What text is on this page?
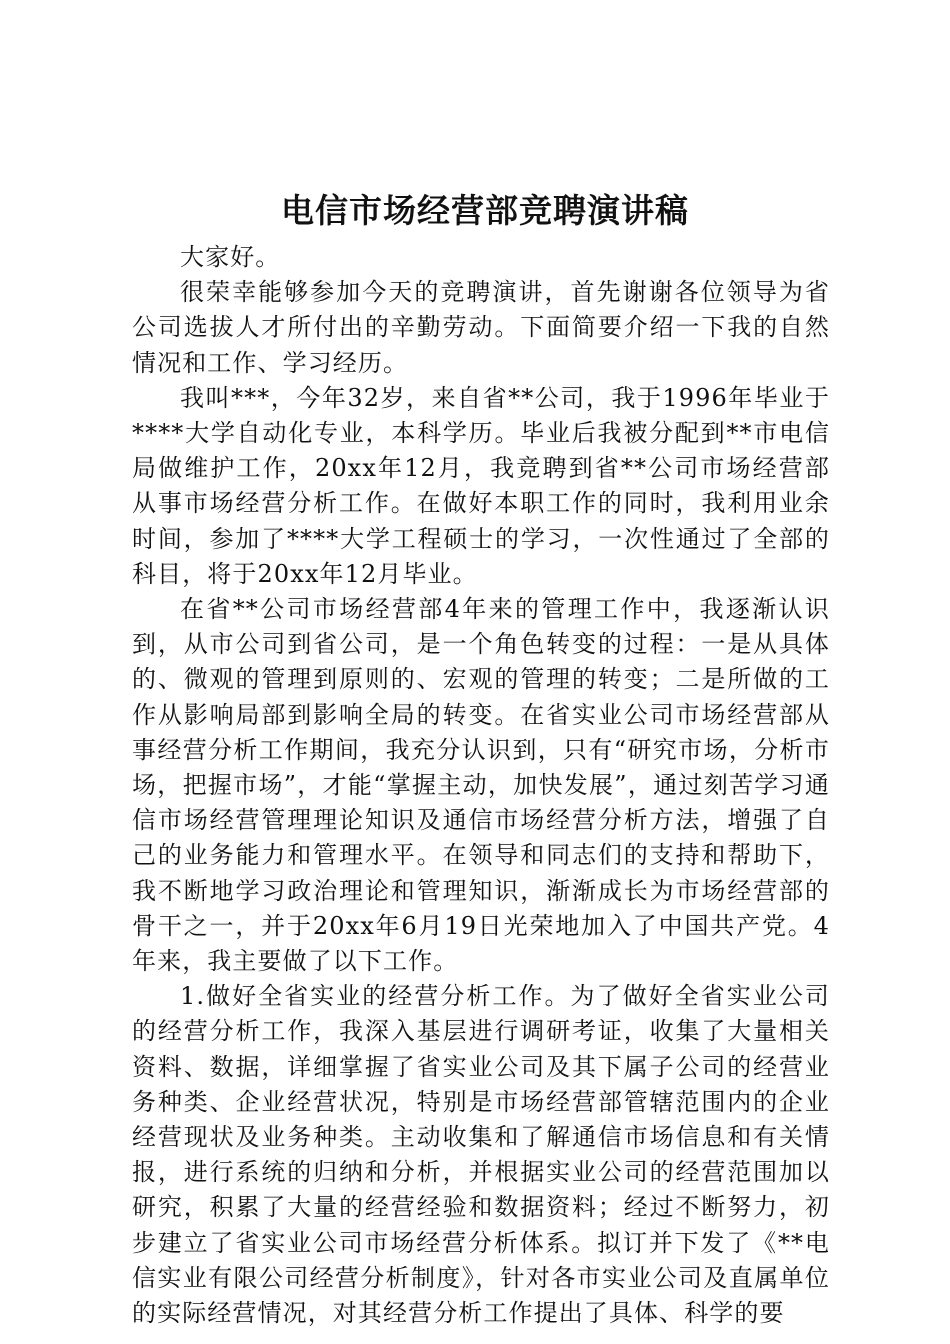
电信市场经营部竞聘演讲稿

大家好。

很荣幸能够参加今天的竞聘演讲，首先谢谢各位领导为省公司选拔人才所付出的辛勤劳动。下面简要介绍一下我的自然情况和工作、学习经历。

我叫***，今年32岁，来自省**公司，我于1996年毕业于****大学自动化专业，本科学历。毕业后我被分配到**市电信局做维护工作，20xx年12月，我竞聘到省**公司市场经营部从事市场经营分析工作。在做好本职工作的同时，我利用业余时间，参加了****大学工程硕士的学习，一次性通过了全部的科目，将于20xx年12月毕业。

在省**公司市场经营部4年来的管理工作中，我逐渐认识到，从市公司到省公司，是一个角色转变的过程：一是从具体的、微观的管理到原则的、宏观的管理的转变；二是所做的工作从影响局部到影响全局的转变。在省实业公司市场经营部从事经营分析工作期间，我充分认识到，只有“研究市场，分析市场，把握市场”，才能“掌握主动，加快发展”，通过刻苦学习通信市场经营管理理论知识及通信市场经营分析方法，增强了自己的业务能力和管理水平。在领导和同志们的支持和帮助下，我不断地学习政治理论和管理知识，渐渐成长为市场经营部的骨干之一，并于20xx年6月19日光荣地加入了中国共产党。4年来，我主要做了以下工作。

1.做好全省实业的经营分析工作。为了做好全省实业公司的经营分析工作，我深入基层进行调研考证，收集了大量相关资料、数据，详细掌握了省实业公司及其下属子公司的经营业务种类、企业经营状况，特别是市场经营部管辖范围内的企业经营现状及业务种类。主动收集和了解通信市场信息和有关情报，进行系统的归纳和分析，并根据实业公司的经营范围加以研究，积累了大量的经营经验和数据资料；经过不断努力，初步建立了省实业公司市场经营分析体系。拟订并下发了《**电信实业有限公司经营分析制度》，针对各市实业公司及直属单位的实际经营情况，对其经营分析工作提出了具体、科学的要
